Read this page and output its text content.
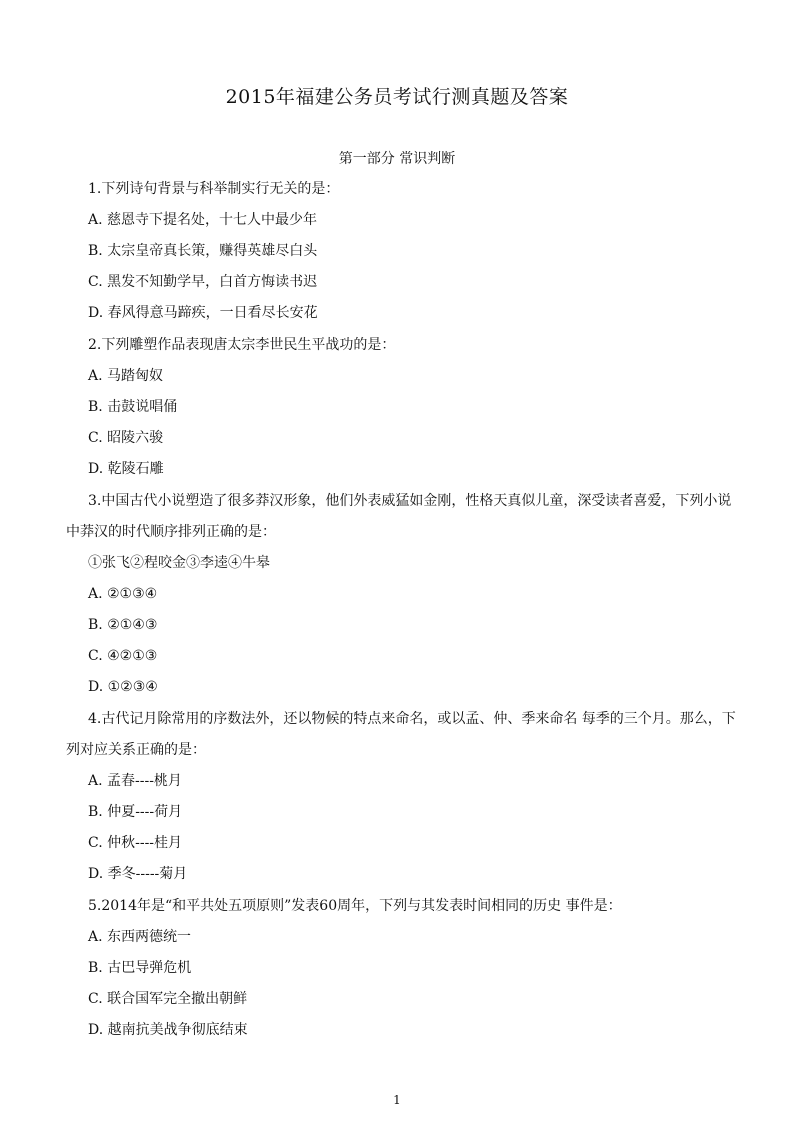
2015年福建公务员考试行测真题及答案
第一部分 常识判断
1.下列诗句背景与科举制实行无关的是：
A. 慈恩寺下提名处，十七人中最少年
B. 太宗皇帝真长策，赚得英雄尽白头
C. 黑发不知勤学早，白首方悔读书迟
D. 春风得意马蹄疾，一日看尽长安花
2.下列雕塑作品表现唐太宗李世民生平战功的是：
A. 马踏匈奴
B. 击鼓说唱俑
C. 昭陵六骏
D. 乾陵石雕
3.中国古代小说塑造了很多莽汉形象，他们外表威猛如金刚，性格天真似儿童，深受读者喜爱，下列小说
中莽汉的时代顺序排列正确的是：
①张飞②程咬金③李逵④牛皋
A. ②①③④
B. ②①④③
C. ④②①③
D. ①②③④
4.古代记月除常用的序数法外，还以物候的特点来命名，或以孟、仲、季来命名 每季的三个月。那么，下
列对应关系正确的是：
A. 孟春----桃月
B. 仲夏----荷月
C. 仲秋----桂月
D. 季冬-----菊月
5.2014年是“和平共处五项原则”发表60周年，下列与其发表时间相同的历史 事件是：
A. 东西两德统一
B. 古巴导弹危机
C. 联合国军完全撤出朝鲜
D. 越南抗美战争彻底结束
1
